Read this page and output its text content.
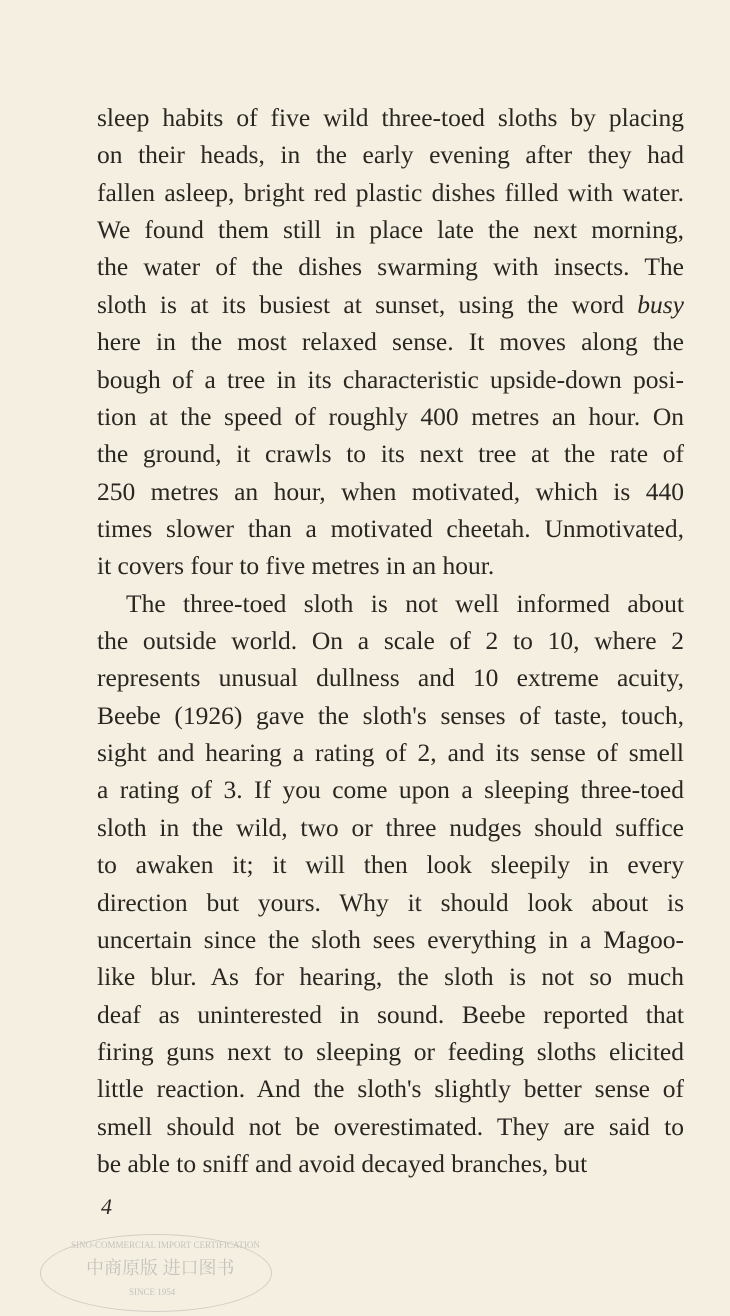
sleep habits of five wild three-toed sloths by placing
on their heads, in the early evening after they had
fallen asleep, bright red plastic dishes filled with water.
We found them still in place late the next morning,
the water of the dishes swarming with insects. The
sloth is at its busiest at sunset, using the word busy
here in the most relaxed sense. It moves along the
bough of a tree in its characteristic upside-down posi-
tion at the speed of roughly 400 metres an hour. On
the ground, it crawls to its next tree at the rate of
250 metres an hour, when motivated, which is 440
times slower than a motivated cheetah. Unmotivated,
it covers four to five metres in an hour.
The three-toed sloth is not well informed about
the outside world. On a scale of 2 to 10, where 2
represents unusual dullness and 10 extreme acuity,
Beebe (1926) gave the sloth's senses of taste, touch,
sight and hearing a rating of 2, and its sense of smell
a rating of 3. If you come upon a sleeping three-toed
sloth in the wild, two or three nudges should suffice
to awaken it; it will then look sleepily in every
direction but yours. Why it should look about is
uncertain since the sloth sees everything in a Magoo-
like blur. As for hearing, the sloth is not so much
deaf as uninterested in sound. Beebe reported that
firing guns next to sleeping or feeding sloths elicited
little reaction. And the sloth's slightly better sense of
smell should not be overestimated. They are said to
be able to sniff and avoid decayed branches, but
4
SINO-COMMERCIAL IMPORT CERTIFICATION
中商原版 进口图书
SINCE 1954
